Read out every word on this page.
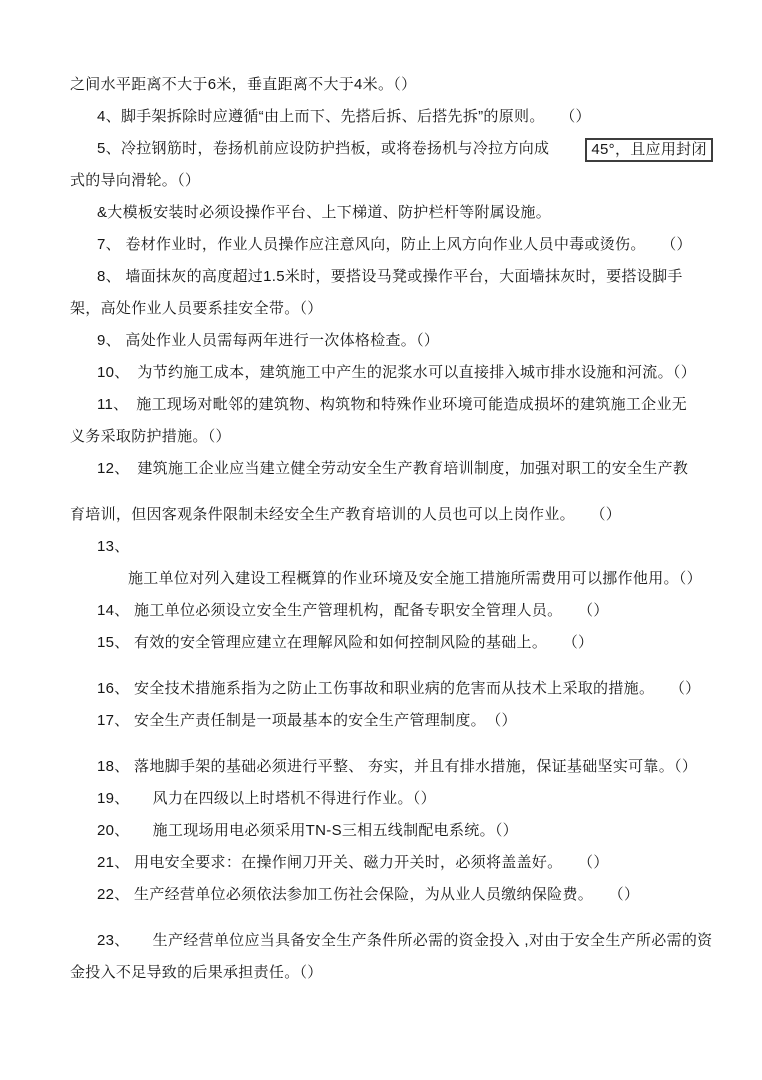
之间水平距离不大于6米，垂直距离不大于4米。（）
4、脚手架拆除时应遵循“由上而下、先搭后拆、后搭先拆”的原则。　　（）
5、冷拉钢筋时，卷扬机前应设防护挡板，或将卷扬机与冷拉方向成	45°，且应用封闭
式的导向滑轮。（）
&大模板安装时必须设操作平台、上下梯道、防护栏杆等附属设施。
7、 卷材作业时，作业人员操作应注意风向，防止上风方向作业人员中毒或烫伤。　　（）
8、 墙面抹灰的高度超过1.5米时，要搭设马凳或操作平台，大面墙抹灰时，要搭设脚手
架，高处作业人员要系挂安全带。（）
9、 高处作业人员需每两年进行一次体格检查。（）
10、　为节约施工成本，建筑施工中产生的泥浆水可以直接排入城市排水设施和河流。（）
11、　施工现场对毗邻的建筑物、构筑物和特殊作业环境可能造成损坏的建筑施工企业无
义务采取防护措施。（）
12、　建筑施工企业应当建立健全劳动安全生产教育培训制度，加强对职工的安全生产教
育培训，但因客观条件限制未经安全生产教育培训的人员也可以上岗作业。　　（）
13、
施工单位对列入建设工程概算的作业环境及安全施工措施所需费用可以挪作他用。（）
14、 施工单位必须设立安全生产管理机构，配备专职安全管理人员。　　（）
15、 有效的安全管理应建立在理解风险和如何控制风险的基础上。　　（）
16、 安全技术措施系指为之防止工伤事故和职业病的危害而从技术上采取的措施。　　（）
17、 安全生产责任制是一项最基本的安全生产管理制度。　（）
18、 落地脚手架的基础必须进行平整、 夯实，并且有排水措施，保证基础坚实可靠。（）
19、　　风力在四级以上时塔机不得进行作业。（）
20、　　施工现场用电必须采用TN-S三相五线制配电系统。（）
21、 用电安全要求：在操作闸刀开关、磁力开关时，必须将盖盖好。　　（）
22、 生产经营单位必须依法参加工伤社会保险，为从业人员缴纳保险费。　　（）
23、　　生产经营单位应当具备安全生产条件所必需的资金投入 ,对由于安全生产所必需的资
金投入不足导致的后果承担责任。（）
